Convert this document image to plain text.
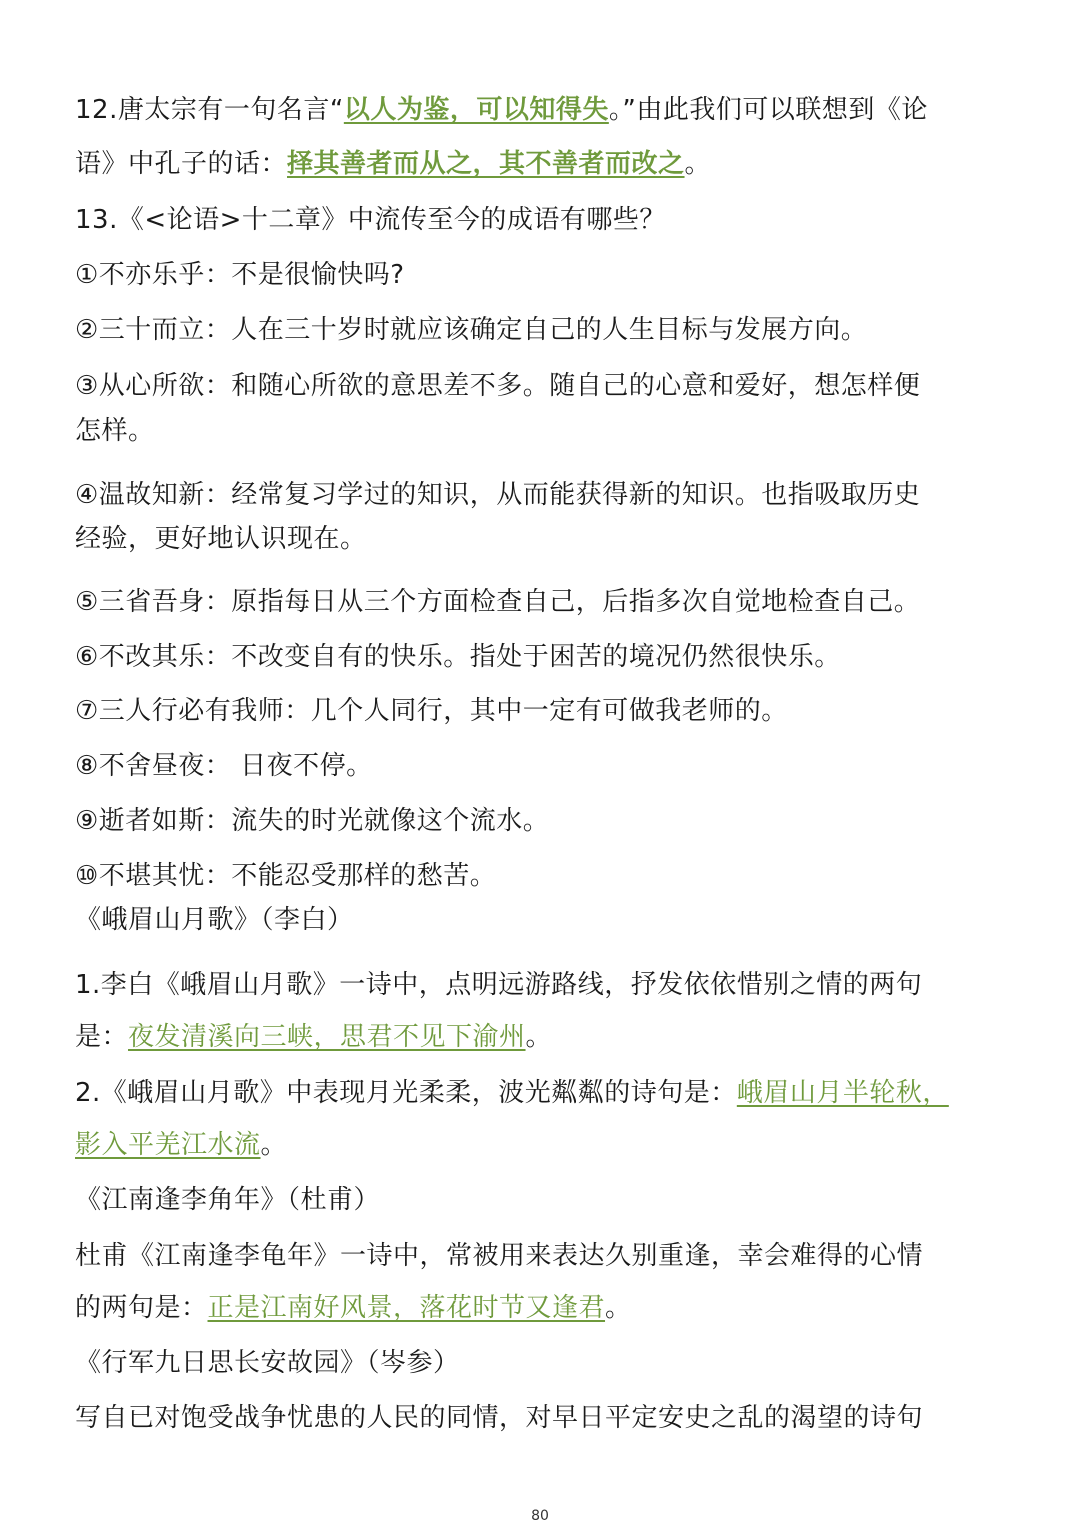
12.唐太宗有一句名言“以人为鉴，可以知得失。”由此我们可以联想到《论
语》中孔子的话：择其善者而从之，其不善者而改之。
13.《<论语>十二章》中流传至今的成语有哪些？
①不亦乐乎：不是很愉快吗?
②三十而立：人在三十岁时就应该确定自己的人生目标与发展方向。
③从心所欲：和随心所欲的意思差不多。随自己的心意和爱好，想怎样便
怎样。
④温故知新：经常复习学过的知识，从而能获得新的知识。也指吸取历史
经验，更好地认识现在。
⑤三省吾身：原指每日从三个方面检查自己，后指多次自觉地检查自己。
⑥不改其乐：不改变自有的快乐。指处于困苦的境况仍然很快乐。
⑦三人行必有我师：几个人同行，其中一定有可做我老师的。
⑧不舍昼夜： 日夜不停。
⑨逝者如斯：流失的时光就像这个流水。
⑩不堪其忧：不能忍受那样的愁苦。
《峨眉山月歌》（李白）
1.李白《峨眉山月歌》一诗中，点明远游路线，抒发依依惜别之情的两句
是：夜发清溪向三峡，思君不见下渝州。
2.《峨眉山月歌》中表现月光柔柔，波光粼粼的诗句是：峨眉山月半轮秋，
影入平羌江水流。
《江南逢李角年》（杜甫）
杜甫《江南逢李龟年》一诗中，常被用来表达久别重逢，幸会难得的心情
的两句是：正是江南好风景，落花时节又逢君。
《行军九日思长安故园》（岑参）
写自已对饱受战争忧患的人民的同情，对早日平定安史之乱的渴望的诗句
80
